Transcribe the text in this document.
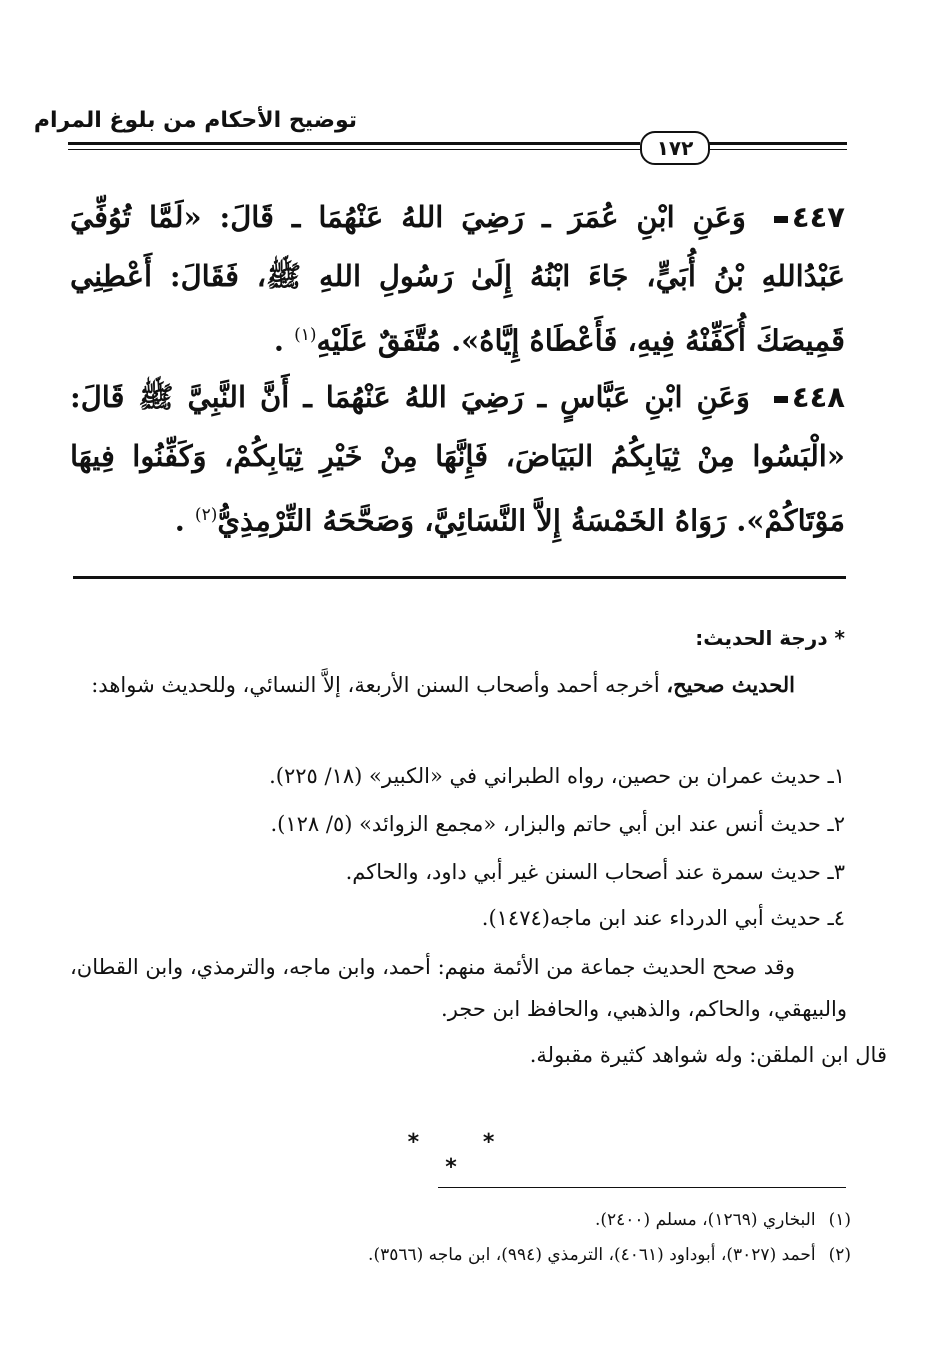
توضيح الأحكام من بلوغ المرام
١٧٢
٤٤٧ وَعَنِ ابْنِ عُمَرَ ـ رَضِيَ اللهُ عَنْهُمَا ـ قَالَ: «لَمَّا تُوُفِّيَ عَبْدُاللهِ بْنُ أُبَيٍّ، جَاءَ ابْنُهُ إِلَىٰ رَسُولِ اللهِ ﷺ، فَقَالَ: أَعْطِنِي قَمِيصَكَ أُكَفِّنْهُ فِيهِ، فَأَعْطَاهُ إِيَّاهُ». مُتَّفَقٌ عَلَيْهِ$^{(١)}$ .
٤٤٨ وَعَنِ ابْنِ عَبَّاسٍ ـ رَضِيَ اللهُ عَنْهُمَا ـ أَنَّ النَّبِيَّ ﷺ قَالَ: «الْبَسُوا مِنْ ثِيَابِكُمُ البَيَاضَ، فَإِنَّهَا مِنْ خَيْرِ ثِيَابِكُمْ، وَكَفِّنُوا فِيهَا مَوْتَاكُمْ». رَوَاهُ الخَمْسَةُ إِلاَّ النَّسَائِيَّ، وَصَحَّحَهُ التِّرْمِذِيُّ$^{(٢)}$ .
* درجة الحديث:
الحديث صحيح، أخرجه أحمد وأصحاب السنن الأربعة، إلاَّ النسائي، وللحديث شواهد:
١ـ حديث عمران بن حصين، رواه الطبراني في «الكبير» (١٨/ ٢٢٥).
٢ـ حديث أنس عند ابن أبي حاتم والبزار، «مجمع الزوائد» (٥/ ١٢٨).
٣ـ حديث سمرة عند أصحاب السنن غير أبي داود، والحاكم.
٤ـ حديث أبي الدرداء عند ابن ماجه(١٤٧٤).
وقد صحح الحديث جماعة من الأئمة منهم: أحمد، وابن ماجه، والترمذي، وابن القطان، والبيهقي، والحاكم، والذهبي، والحافظ ابن حجر.
قال ابن الملقن: وله شواهد كثيرة مقبولة.
* * *
(١) البخاري (١٢٦٩)، مسلم (٢٤٠٠).
(٢) أحمد (٣٠٢٧)، أبوداود (٤٠٦١)، الترمذي (٩٩٤)، ابن ماجه (٣٥٦٦).
